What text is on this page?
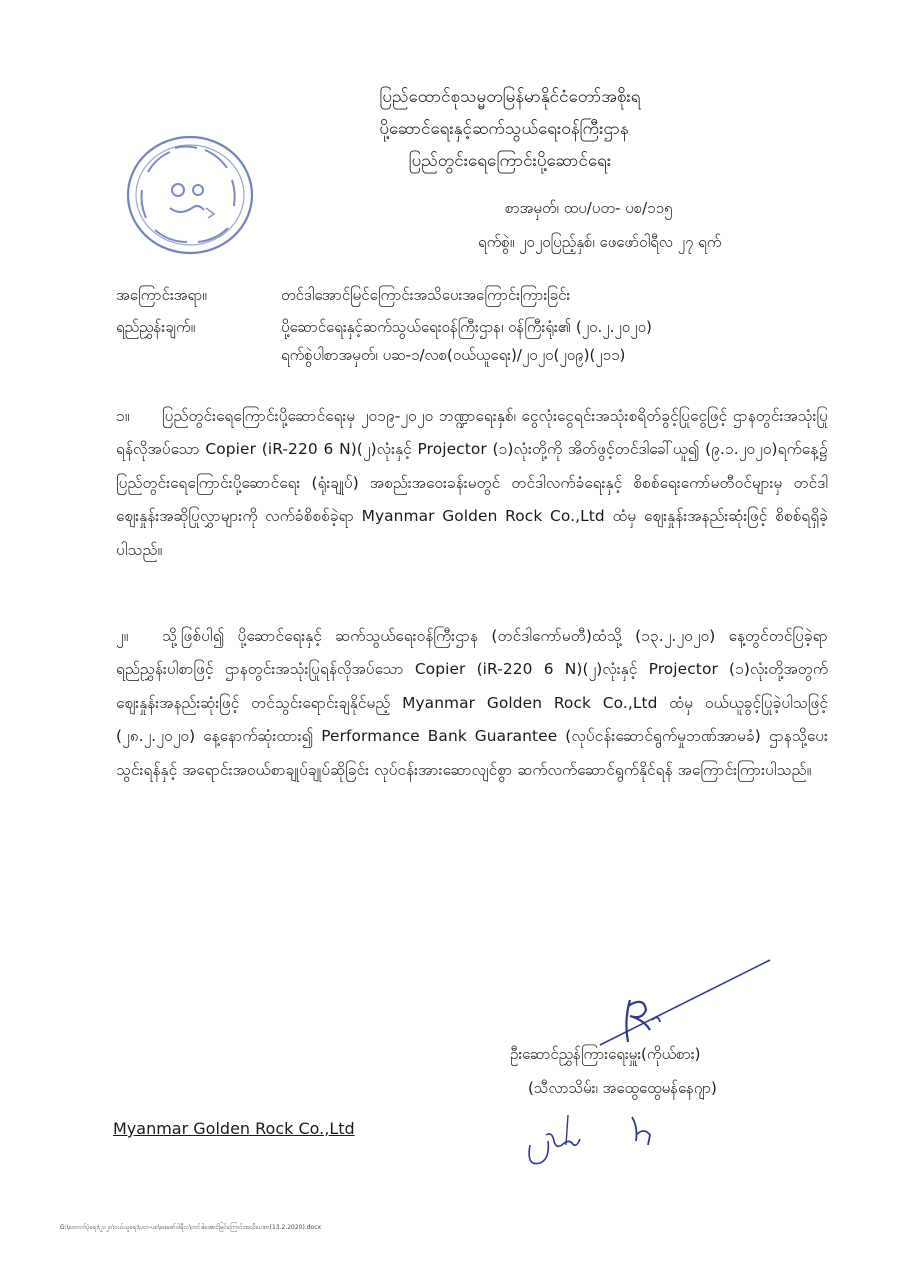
ပြည်ထောင်စုသမ္မတမြန်မာနိုင်ငံတော်အစိုးရ
ပို့ဆောင်ရေးနှင့်ဆက်သွယ်ရေးဝန်ကြီးဌာန
ပြည်တွင်းရေကြောင်းပို့ဆောင်ရေး
စာအမှတ်၊ ထပ/ပတ- ပစ/၁၁၅
ရက်စွဲ။ ၂၀၂၀ပြည့်နှစ်၊ ဖေဖော်ဝါရီလ ၂၇ ရက်
အကြောင်းအရာ။	တင်ဒါအောင်မြင်ကြောင်းအသိပေးအကြောင်းကြားခြင်း
ရည်ညွှန်းချက်။	ပို့ဆောင်ရေးနှင့်ဆက်သွယ်ရေးဝန်ကြီးဌာန၊ ဝန်ကြီးရုံး၏ (၂၀.၂.၂၀၂၀)
ရက်စွဲပါစာအမှတ်၊ ပဆ-၁/လစ(ဝယ်ယူရေး)/၂၀၂၀(၂၀၉)(၂၁၁)
၁။ ပြည်တွင်းရေကြောင်းပို့ဆောင်ရေးမှ ၂၀၁၉-၂၀၂၀ ဘဏ္ဍာရေးနှစ်၊ ငွေလုံးငွေရင်းအသုံးစရိတ်ခွင့်ပြုငွေဖြင့် ဌာနတွင်းအသုံးပြုရန်လိုအပ်သော Copier (iR-220 6 N)(၂)လုံးနှင့် Projector (၁)လုံးတို့ကို အိတ်ဖွင့်တင်ဒါခေါ်ယူ၍ (၉.၁.၂၀၂၀)ရက်နေ့၌ ပြည်တွင်းရေကြောင်းပို့ဆောင်ရေး (ရုံးချုပ်) အစည်းအဝေးခန်းမတွင် တင်ဒါလက်ခံရေးနှင့် စိစစ်ရေးကော်မတီဝင်များမှ တင်ဒါဈေးနှုန်းအဆိုပြုလွှာများကို လက်ခံစိစစ်ခဲ့ရာ Myanmar Golden Rock Co.,Ltd ထံမှ ဈေးနှုန်းအနည်းဆုံးဖြင့် စိစစ်ရရှိခဲ့ပါသည်။
၂။ သို့ဖြစ်ပါ၍ ပို့ဆောင်ရေးနှင့် ဆက်သွယ်ရေးဝန်ကြီးဌာန (တင်ဒါကော်မတီ)ထံသို့ (၁၃.၂.၂၀၂၀) နေ့တွင်တင်ပြခဲ့ရာရည်ညွှန်းပါစာဖြင့် ဌာနတွင်းအသုံးပြုရန်လိုအပ်သော Copier (iR-220 6 N)(၂)လုံးနှင့် Projector (၁)လုံးတို့အတွက် ဈေးနှုန်းအနည်းဆုံးဖြင့် တင်သွင်းရောင်းချနိုင်မည့် Myanmar Golden Rock Co.,Ltd ထံမှ ဝယ်ယူခွင့်ပြုခဲ့ပါသဖြင့် (၂၈.၂.၂၀၂၀) နေ့နောက်ဆုံးထား၍ Performance Bank Guarantee (လုပ်ငန်းဆောင်ရွက်မှုဘဏ်အာမခံ) ဌာနသို့ပေးသွင်းရန်နှင့် အရောင်းအဝယ်စာချုပ်ချုပ်ဆိုခြင်း လုပ်ငန်းအားဆောလျင်စွာ ဆက်လက်ဆောင်ရွက်နိုင်ရန် အကြောင်းကြားပါသည်။
ဦးဆောင်ညွှန်ကြားရေးမှူး(ကိုယ်စား)
(သီလာသိမ်း၊ အထွေထွေမန်နေဂျာ)
Myanmar Golden Rock Co.,Ltd
G:\ထောက်ပံ့ရေး\၂၀၂၀\ဝယ်ယူရေး\ပတ-ပစ\ဖေဖော်ဝါရီလ\တင်ဒါအောင်မြင်ကြောင်းအသိပေးစာ(13.2.2020).docx
